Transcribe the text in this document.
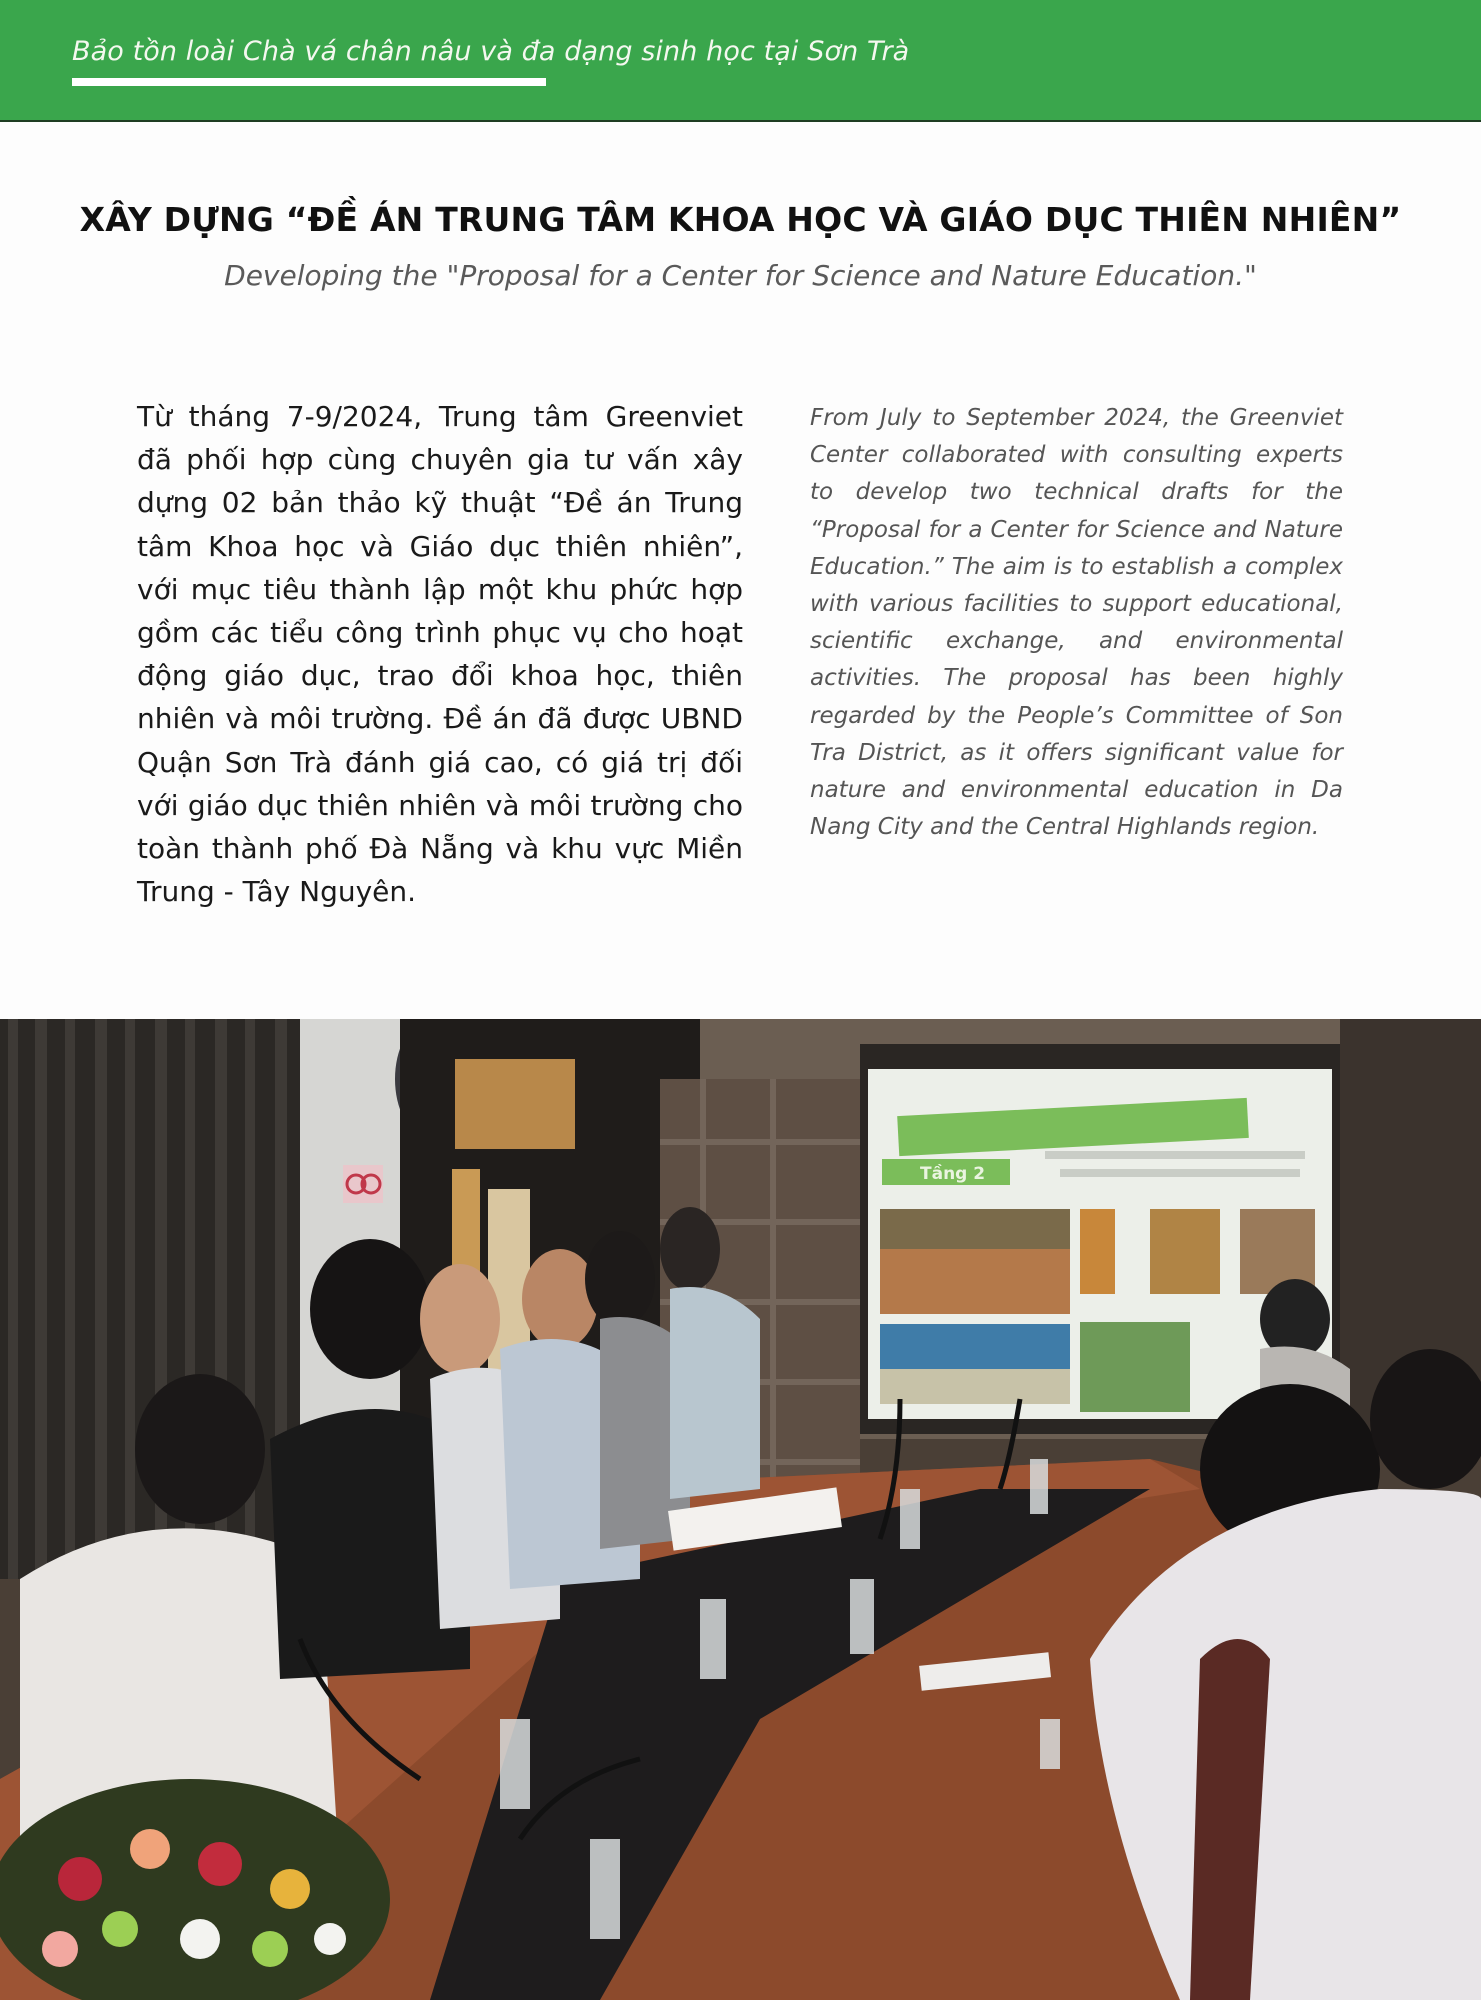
Bảo tồn loài Chà vá chân nâu và đa dạng sinh học tại Sơn Trà
XÂY DỰNG “ĐỀ ÁN TRUNG TÂM KHOA HỌC VÀ GIÁO DỤC THIÊN NHIÊN”
Developing the "Proposal for a Center for Science and Nature Education."

Từ tháng 7-9/2024, Trung tâm Greenviet đã phối hợp cùng chuyên gia tư vấn xây dựng 02 bản thảo kỹ thuật “Đề án Trung tâm Khoa học và Giáo dục thiên nhiên”, với mục tiêu thành lập một khu phức hợp gồm các tiểu công trình phục vụ cho hoạt động giáo dục, trao đổi khoa học, thiên nhiên và môi trường. Đề án đã được UBND Quận Sơn Trà đánh giá cao, có giá trị đối với giáo dục thiên nhiên và môi trường cho toàn thành phố Đà Nẵng và khu vực Miền Trung - Tây Nguyên.

From July to September 2024, the Greenviet Center collaborated with consulting experts to develop two technical drafts for the “Proposal for a Center for Science and Nature Education.” The aim is to establish a complex with various facilities to support educational, scientific exchange, and environmental activities. The proposal has been highly regarded by the People’s Committee of Son Tra District, as it offers significant value for nature and environmental education in Da Nang City and the Central Highlands region.

Tầng 2
